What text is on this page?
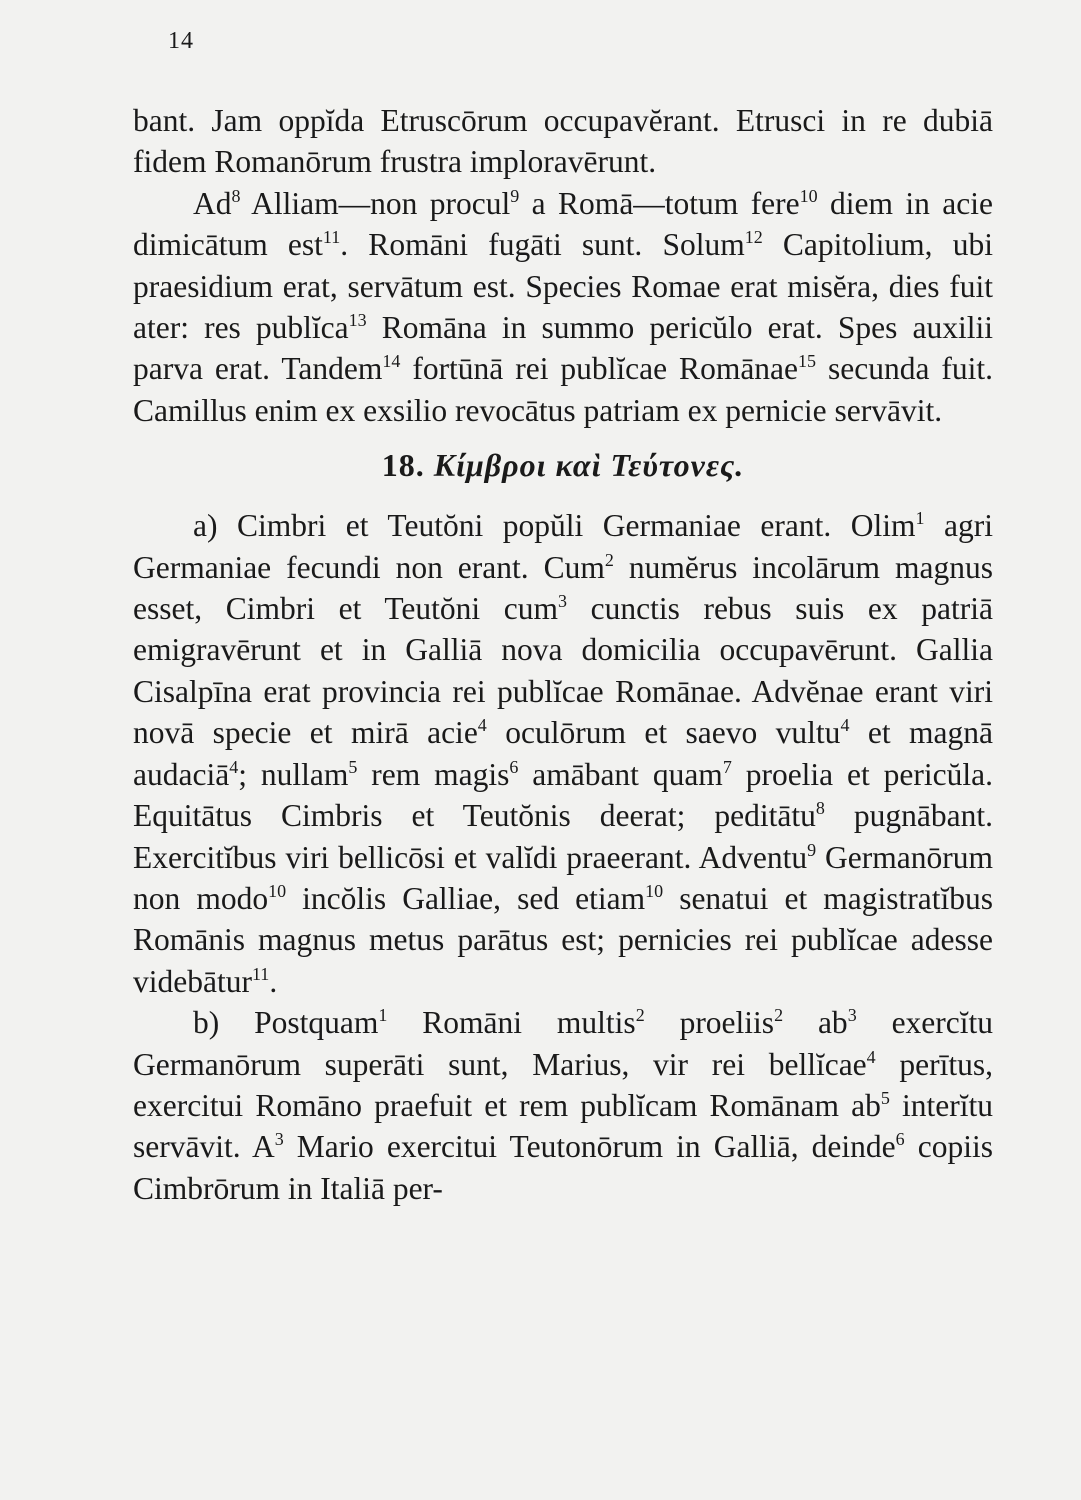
14

bant. Jam oppĭda Etruscōrum occupavĕrant. Etrusci in re dubiā fidem Romanōrum frustra imploravērunt.

Ad$^8$ Alliam—non procul$^9$ a Romā—totum fere$^{10}$ diem in acie dimicātum est$^{11}$. Romāni fugāti sunt. Solum$^{12}$ Capitolium, ubi praesidium erat, servātum est. Species Romae erat misĕra, dies fuit ater: res publĭca$^{13}$ Romāna in summo pericŭlo erat. Spes auxilii parva erat. Tandem$^{14}$ fortūnā rei publĭcae Romānae$^{15}$ secunda fuit. Camillus enim ex exsilio revocātus patriam ex pernicie servāvit.

18. Κίμβροι καὶ Τεύτονες.

a) Cimbri et Teutŏni popŭli Germaniae erant. Olim$^1$ agri Germaniae fecundi non erant. Cum$^2$ numĕrus incolārum magnus esset, Cimbri et Teutŏni cum$^3$ cunctis rebus suis ex patriā emigravērunt et in Galliā nova domicilia occupavērunt. Gallia Cisalpīna erat provincia rei publĭcae Romānae. Advĕnae erant viri novā specie et mirā acie$^4$ oculōrum et saevo vultu$^4$ et magnā audaciā$^4$; nullam$^5$ rem magis$^6$ amābant quam$^7$ proelia et pericŭla. Equitātus Cimbris et Teutŏnis deerat; peditātu$^8$ pugnābant. Exercitĭbus viri bellicōsi et valĭdi praeerant. Adventu$^9$ Germanōrum non modo$^{10}$ incŏlis Galliae, sed etiam$^{10}$ senatui et magistratĭbus Romānis magnus metus parātus est; pernicies rei publĭcae adesse videbātur$^{11}$.

b) Postquam$^1$ Romāni multis$^2$ proeliis$^2$ $ab^3$ exercĭtu Germanōrum superāti sunt, Marius, vir rei bellĭcae$^4$ perītus, exercitui Romāno praefuit et rem publĭcam Romānam $ab^5$ interĭtu servāvit. $A^3$ Mario exercitui Teutonōrum in Galliā, deinde$^6$ copiis Cimbrōrum in Italiā per-
